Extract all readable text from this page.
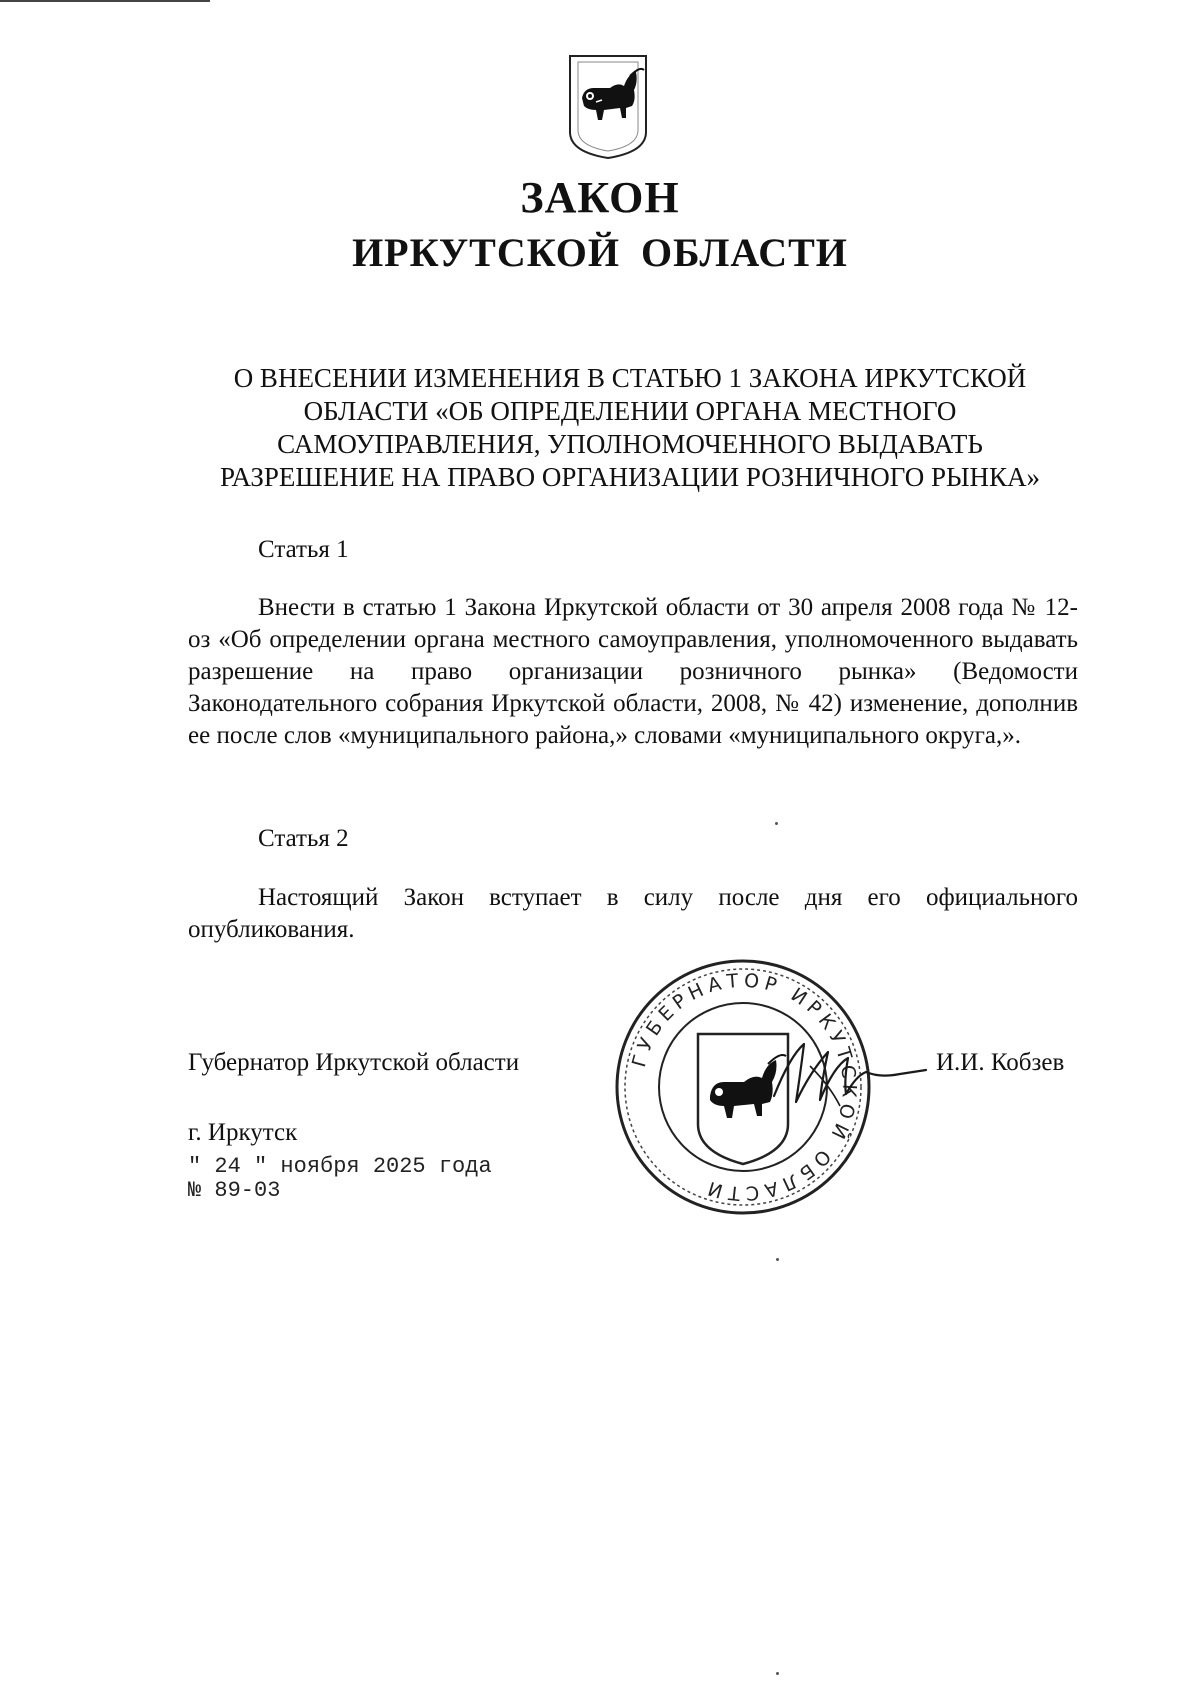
ЗАКОН
ИРКУТСКОЙ ОБЛАСТИ
О ВНЕСЕНИИ ИЗМЕНЕНИЯ В СТАТЬЮ 1 ЗАКОНА ИРКУТСКОЙ
ОБЛАСТИ «ОБ ОПРЕДЕЛЕНИИ ОРГАНА МЕСТНОГО
САМОУПРАВЛЕНИЯ, УПОЛНОМОЧЕННОГО ВЫДАВАТЬ
РАЗРЕШЕНИЕ НА ПРАВО ОРГАНИЗАЦИИ РОЗНИЧНОГО РЫНКА»
Статья 1
Внести в статью 1 Закона Иркутской области от 30 апреля 2008 года № 12-оз «Об определении органа местного самоуправления, уполномоченного выдавать разрешение на право организации розничного рынка» (Ведомости Законодательного собрания Иркутской области, 2008, № 42) изменение, дополнив ее после слов «муниципального района,» словами «муниципального округа,».
Статья 2
Настоящий Закон вступает в силу после дня его официального опубликования.
Губернатор Иркутской области	И.И. Кобзев
г. Иркутск
" 24 " ноября 2025 года
№ 89-03
ГУБЕРНАТОР ИРКУТСКОЙ ОБЛАСТИ
